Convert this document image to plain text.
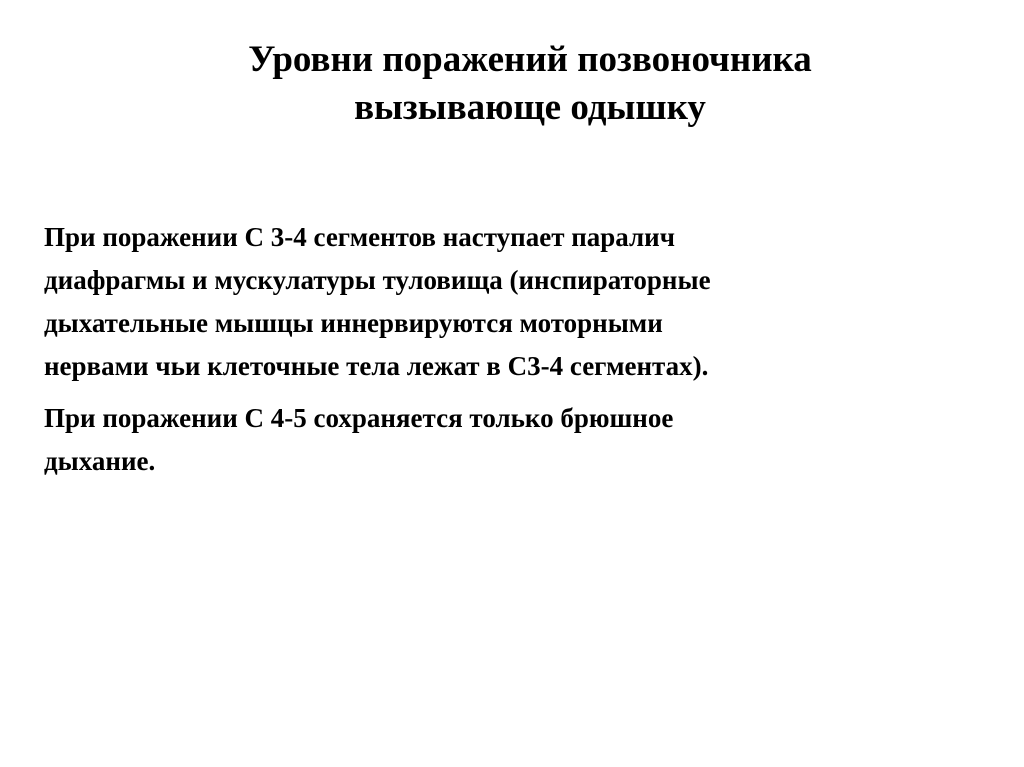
Уровни поражений позвоночника
вызывающе одышку

При поражении С 3-4 сегментов наступает паралич
диафрагмы и мускулатуры туловища (инспираторные
дыхательные мышцы иннервируются моторными
нервами чьи клеточные тела лежат в С3-4 сегментах).

При поражении С 4-5 сохраняется только брюшное
дыхание.
